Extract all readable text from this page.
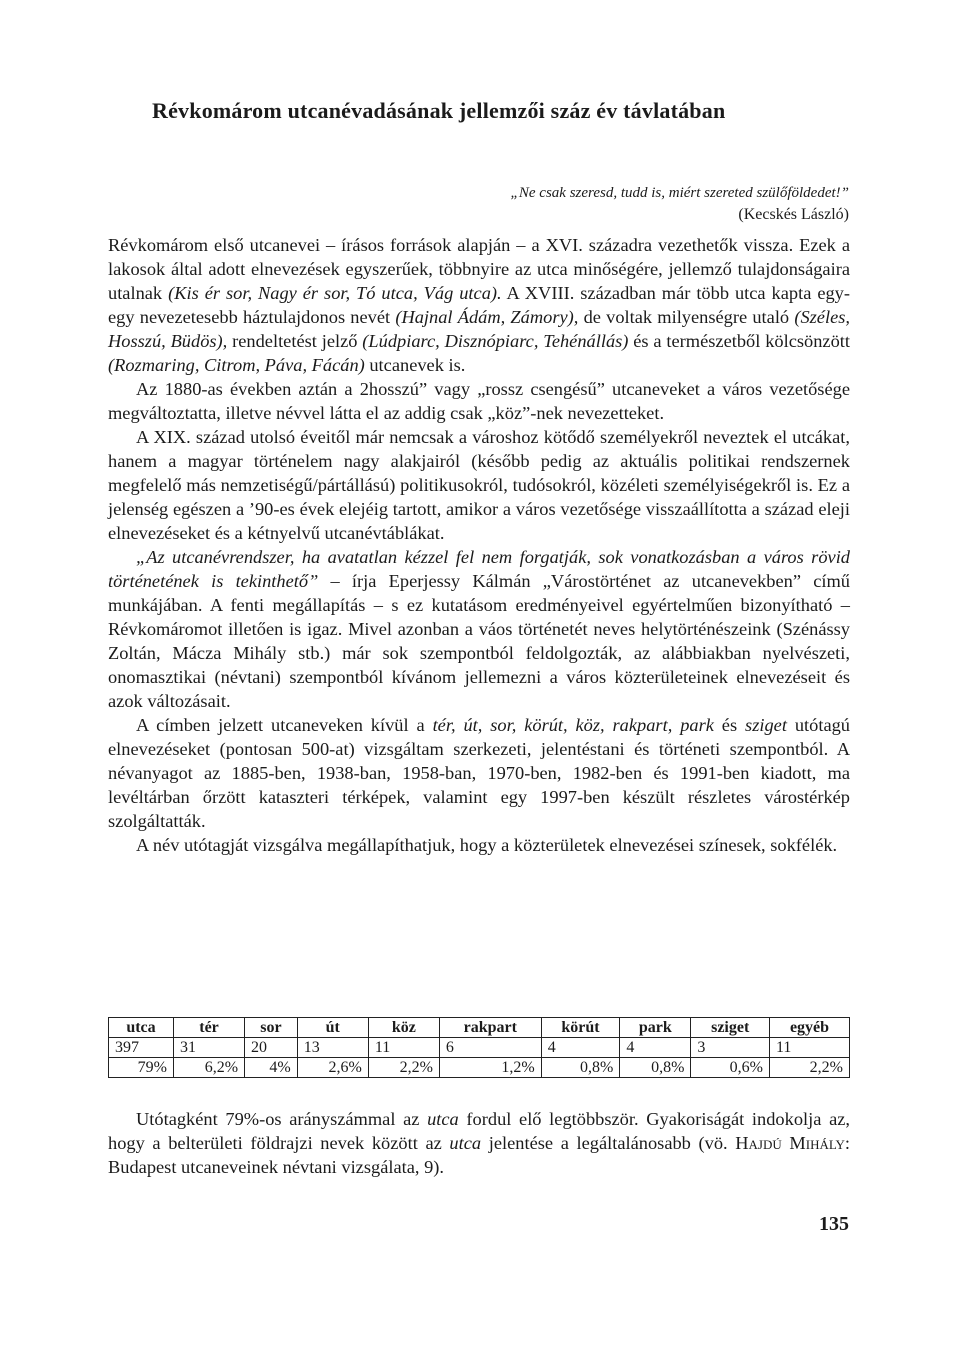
Révkomárom utcanévadásának jellemzői száz év távlatában
„Ne csak szeresd, tudd is, miért szereted szülőföldedet!”
(Kecskés László)

Révkomárom első utcanevei – írásos források alapján – a XVI. századra vezethetők vissza. Ezek a lakosok által adott elnevezések egyszerűek, többnyire az utca minőségére, jellemző tulajdonságaira utalnak (Kis ér sor, Nagy ér sor, Tó utca, Vág utca). A XVIII. században már több utca kapta egy-egy nevezetesebb háztulajdonos nevét (Hajnal Ádám, Zámory), de voltak milyenségre utaló (Széles, Hosszú, Büdös), rendeltetést jelző (Lúdpiarc, Disznópiarc, Tehénállás) és a természetből kölcsönzött (Rozmaring, Citrom, Páva, Fácán) utcanevek is.

Az 1880-as években aztán a 2hosszú” vagy „rossz csengésű” utcaneveket a város vezetősége megváltoztatta, illetve névvel látta el az addig csak „köz”-nek nevezetteket.

A XIX. század utolsó éveitől már nemcsak a városhoz kötődő személyekről neveztek el utcákat, hanem a magyar történelem nagy alakjairól (később pedig az aktuális politikai rendszernek megfelelő más nemzetiségű/pártállású) politikusokról, tudósokról, közéleti személyiségekről is. Ez a jelenség egészen a ’90-es évek elejéig tartott, amikor a város vezetősége visszaállította a század eleji elnevezéseket és a kétnyelvű utcanévtáblákat.

„Az utcanévrendszer, ha avatatlan kézzel fel nem forgatják, sok vonatkozásban a város rövid történetének is tekinthető” – írja Eperjessy Kálmán „Várostörténet az utcanevekben” című munkájában. A fenti megállapítás – s ez kutatásom eredményeivel egyértelműen bizonyítható – Révkomáromot illetően is igaz. Mivel azonban a váos történetét neves helytörténészeink (Szénássy Zoltán, Mácza Mihály stb.) már sok szempontból feldolgozták, az alábbiakban nyelvészeti, onomasztikai (névtani) szempontból kívánom jellemezni a város közterületeinek elnevezéseit és azok változásait.

A címben jelzett utcaneveken kívül a tér, út, sor, körút, köz, rakpart, park és sziget utótagú elnevezéseket (pontosan 500-at) vizsgáltam szerkezeti, jelentéstani és történeti szempontból. A névanyagot az 1885-ben, 1938-ban, 1958-ban, 1970-ben, 1982-ben és 1991-ben kiadott, ma levéltárban őrzött kataszteri térképek, valamint egy 1997-ben készült részletes várostérkép szolgáltatták.

A név utótagját vizsgálva megállapíthatjuk, hogy a közterületek elnevezései színesek, sokfélék.

utca	tér	sor	út	köz	rakpart	körút	park	sziget	egyéb
397	31	20	13	11	6	4	4	3	11
79%	6,2%	4%	2,6%	2,2%	1,2%	0,8%	0,8%	0,6%	2,2%

Utótagként 79%-os arányszámmal az utca fordul elő legtöbbször. Gyakoriságát indokolja az, hogy a belterületi földrajzi nevek között az utca jelentése a legáltalánosabb (vö. Hajdú Mihály: Budapest utcaneveinek névtani vizsgálata, 9).

135
